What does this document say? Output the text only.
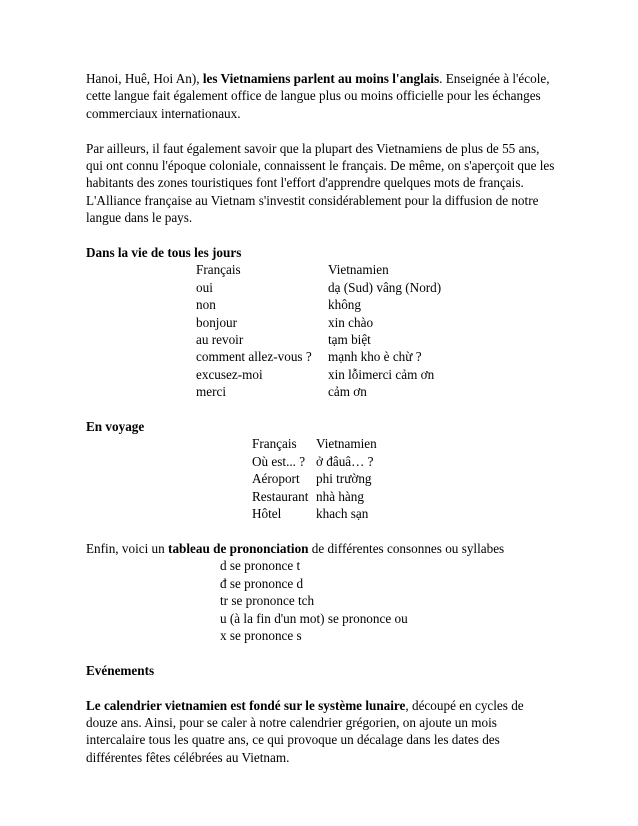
Hanoi, Huê, Hoi An), les Vietnamiens parlent au moins l'anglais. Enseignée à l'école, cette langue fait également office de langue plus ou moins officielle pour les échanges commerciaux internationaux.

Par ailleurs, il faut également savoir que la plupart des Vietnamiens de plus de 55 ans, qui ont connu l'époque coloniale, connaissent le français. De même, on s'aperçoit que les habitants des zones touristiques font l'effort d'apprendre quelques mots de français. L'Alliance française au Vietnam s'investit considérablement pour la diffusion de notre langue dans le pays.

Dans la vie de tous les jours

Français	Vietnamien
oui	dạ (Sud) vâng (Nord)
non	không
bonjour	xin chào
au revoir	tạm biệt
comment allez-vous ?	mạnh kho è chừ ?
excusez-moi	xin lỗimerci cảm ơn
merci	cảm ơn

En voyage

Français	Vietnamien
Où est... ?	ở đâuâ… ?
Aéroport	phi trường
Restaurant	nhà hàng
Hôtel	khach sạn

Enfin, voici un tableau de prononciation de différentes consonnes ou syllabes

d se prononce t

đ se prononce d

tr se prononce tch

u (à la fin d'un mot) se prononce ou

x se prononce s

Evénements

Le calendrier vietnamien est fondé sur le système lunaire, découpé en cycles de douze ans. Ainsi, pour se caler à notre calendrier grégorien, on ajoute un mois intercalaire tous les quatre ans, ce qui provoque un décalage dans les dates des différentes fêtes célébrées au Vietnam.
